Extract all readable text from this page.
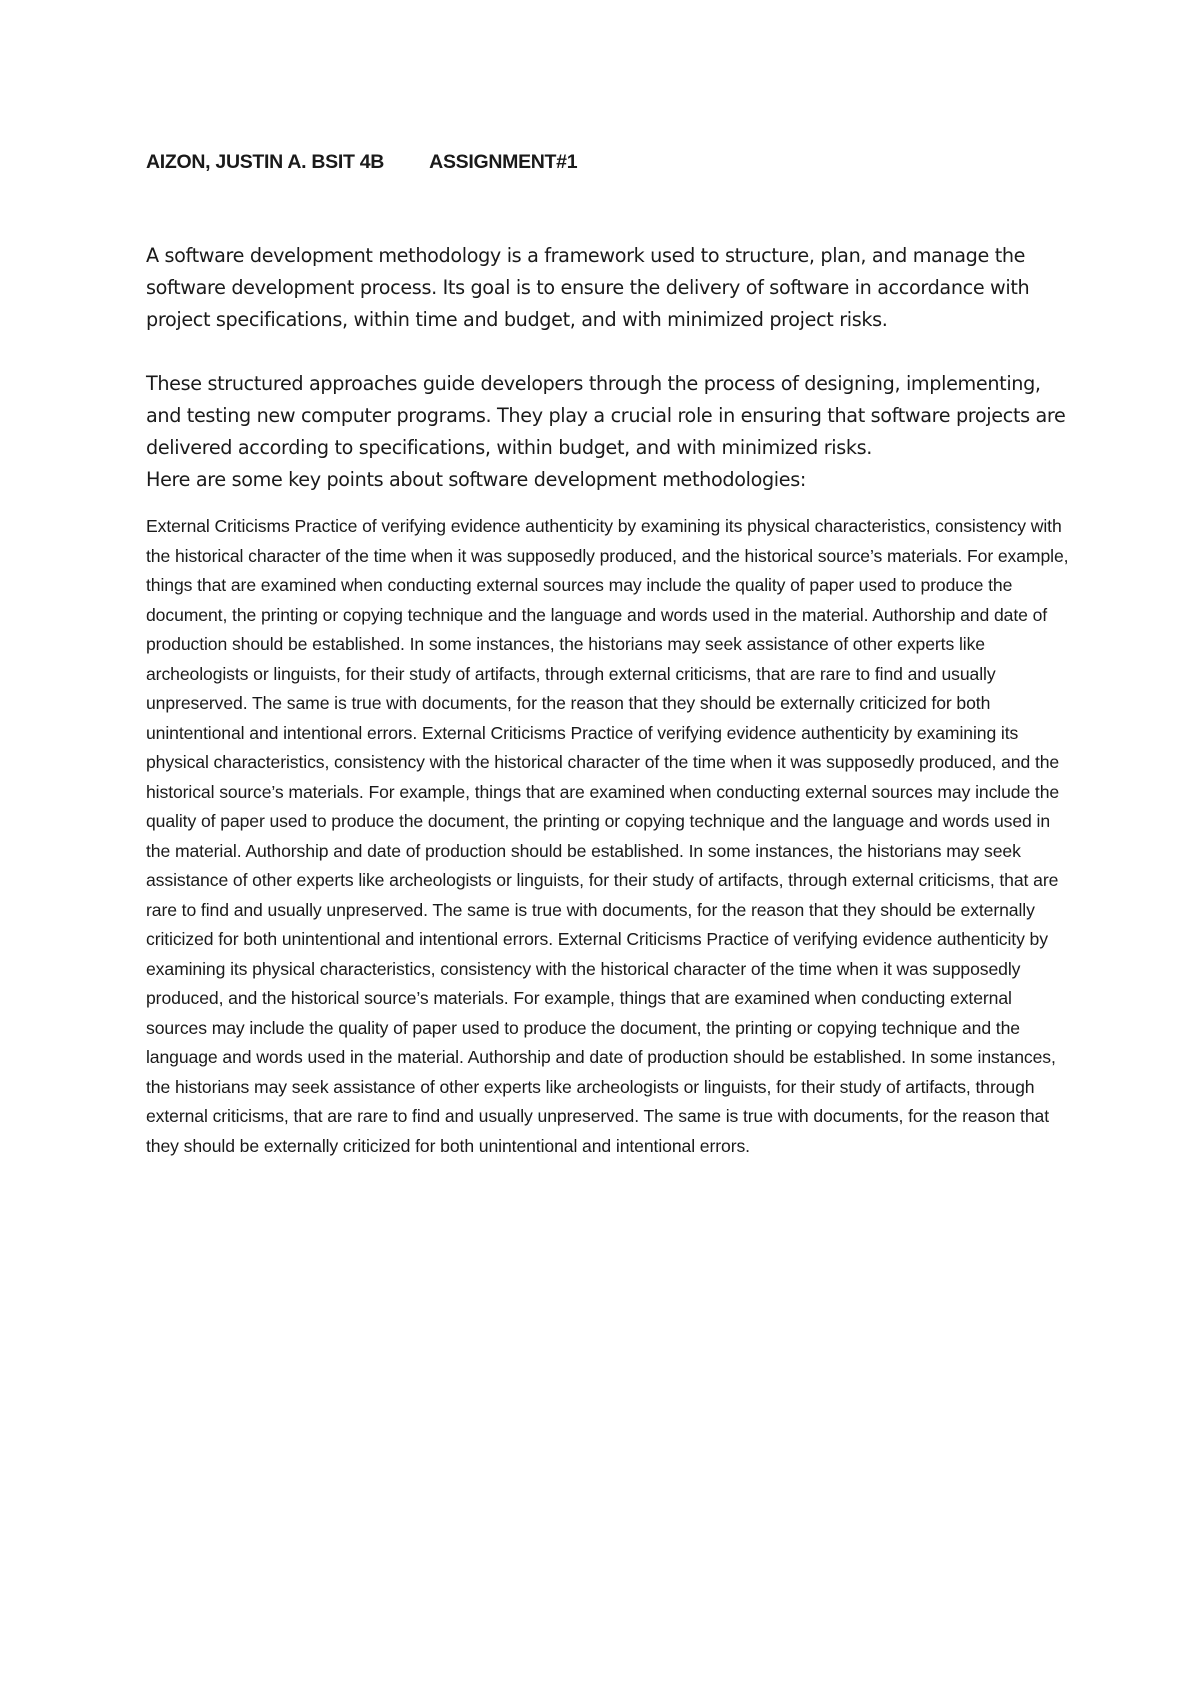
AIZON, JUSTIN A. BSIT 4B ASSIGNMENT#1

A software development methodology is a framework used to structure, plan, and manage the software development process. Its goal is to ensure the delivery of software in accordance with project specifications, within time and budget, and with minimized project risks.

These structured approaches guide developers through the process of designing, implementing, and testing new computer programs. They play a crucial role in ensuring that software projects are delivered according to specifications, within budget, and with minimized risks.

Here are some key points about software development methodologies:

External Criticisms Practice of verifying evidence authenticity by examining its physical characteristics, consistency with the historical character of the time when it was supposedly produced, and the historical source’s materials. For example, things that are examined when conducting external sources may include the quality of paper used to produce the document, the printing or copying technique and the language and words used in the material. Authorship and date of production should be established. In some instances, the historians may seek assistance of other experts like archeologists or linguists, for their study of artifacts, through external criticisms, that are rare to find and usually unpreserved. The same is true with documents, for the reason that they should be externally criticized for both unintentional and intentional errors. External Criticisms Practice of verifying evidence authenticity by examining its physical characteristics, consistency with the historical character of the time when it was supposedly produced, and the historical source’s materials. For example, things that are examined when conducting external sources may include the quality of paper used to produce the document, the printing or copying technique and the language and words used in the material. Authorship and date of production should be established. In some instances, the historians may seek assistance of other experts like archeologists or linguists, for their study of artifacts, through external criticisms, that are rare to find and usually unpreserved. The same is true with documents, for the reason that they should be externally criticized for both unintentional and intentional errors. External Criticisms Practice of verifying evidence authenticity by examining its physical characteristics, consistency with the historical character of the time when it was supposedly produced, and the historical source’s materials. For example, things that are examined when conducting external sources may include the quality of paper used to produce the document, the printing or copying technique and the language and words used in the material. Authorship and date of production should be established. In some instances, the historians may seek assistance of other experts like archeologists or linguists, for their study of artifacts, through external criticisms, that are rare to find and usually unpreserved. The same is true with documents, for the reason that they should be externally criticized for both unintentional and intentional errors.
